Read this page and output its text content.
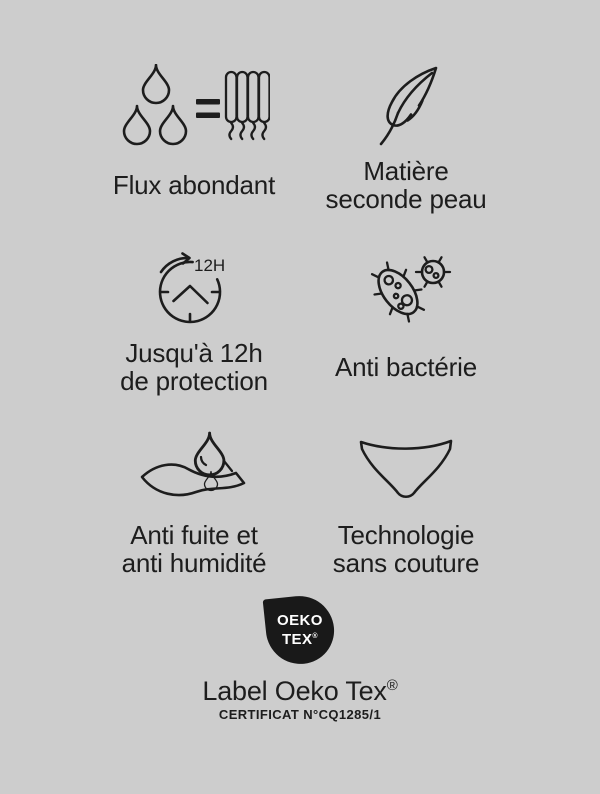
Flux abondant	Matière
seconde peau
12H
Jusqu'à 12h
de protection	Anti bactérie
Anti fuite et
anti humidité
Technologie
sans couture
OEKO
TEX®
Label Oeko Tex®
CERTIFICAT N°CQ1285/1
